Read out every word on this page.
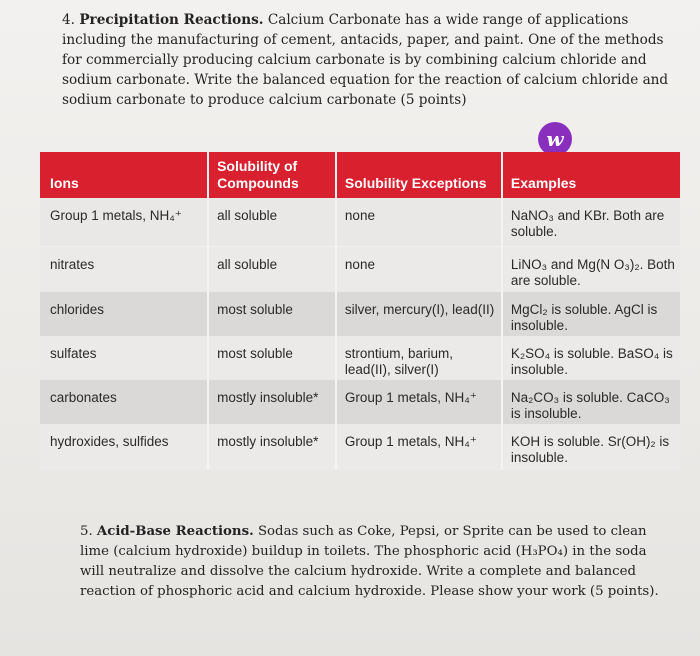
4. Precipitation Reactions. Calcium Carbonate has a wide range of applications including the manufacturing of cement, antacids, paper, and paint. One of the methods for commercially producing calcium carbonate is by combining calcium chloride and sodium carbonate. Write the balanced equation for the reaction of calcium chloride and sodium carbonate to produce calcium carbonate (5 points)
w
Ions	Solubility of Compounds	Solubility Exceptions	Examples
Group 1 metals, NH₄⁺	all soluble	none	NaNO₃ and KBr. Both are soluble.
nitrates	all soluble	none	LiNO₃ and Mg(N O₃)₂. Both are soluble.
chlorides	most soluble	silver, mercury(I), lead(II)	MgCl₂ is soluble. AgCl is insoluble.
sulfates	most soluble	strontium, barium, lead(II), silver(I)	K₂SO₄ is soluble. BaSO₄ is insoluble.
carbonates	mostly insoluble*	Group 1 metals, NH₄⁺	Na₂CO₃ is soluble. CaCO₃ is insoluble.
hydroxides, sulfides	mostly insoluble*	Group 1 metals, NH₄⁺	KOH is soluble. Sr(OH)₂ is insoluble.
5. Acid-Base Reactions. Sodas such as Coke, Pepsi, or Sprite can be used to clean lime (calcium hydroxide) buildup in toilets. The phosphoric acid (H₃PO₄) in the soda will neutralize and dissolve the calcium hydroxide. Write a complete and balanced reaction of phosphoric acid and calcium hydroxide. Please show your work (5 points).
